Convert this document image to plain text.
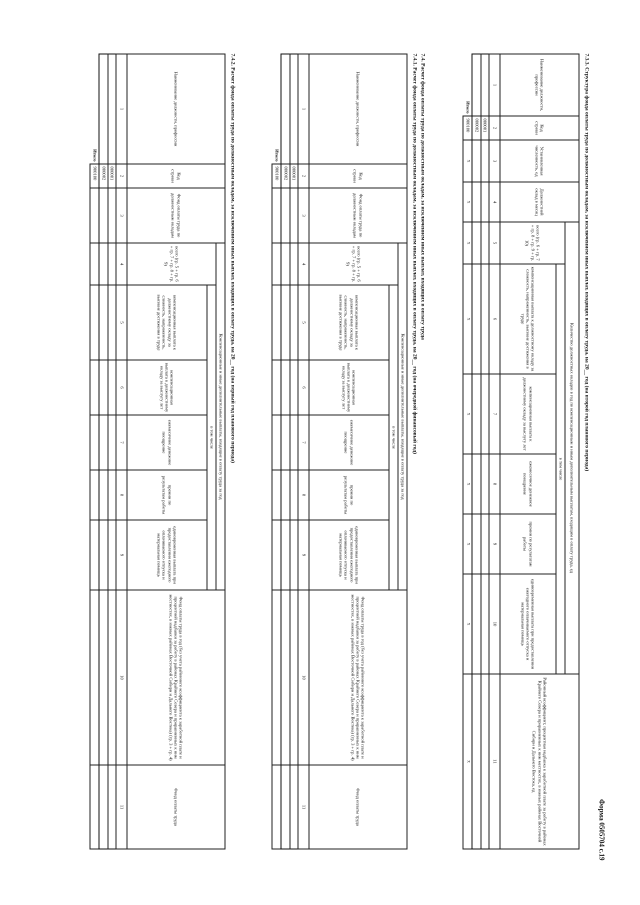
Форма 0505704 с.19
7.3.3. Структура фонда оплаты труда по должностным окладам, за исключением иных выплат, входящих в оплату труда, на 20__ год (на второй год планового периода)
Наименование должности, профессии	Код строки	Установленная численность, ед	Должностной оклад в месяц	Количество должностных окладов в год по компенсационным и иным дополнительным выплатам, входящим в оплату труда, ед						Районный коэффициент, процентная надбавка к заработной плате за работу в районах Крайнего Севера и приравненных к ним местностях, в южных районах Восточной Сибири и Дальнего Востока, ед
				всего (гр. 6 + гр. 7 + гр. 8 + гр. 9 + гр. 10)	в том числе					
					компенсационная выплата к должностному окладу за сложность, напряженность, высокие достижения в труде	компенсационная выплата к должностному окладу за выслугу лет	ежемесячное денежное поощрение	премии по результатам работы	единовременная выплата при предоставлении ежегодного оплачиваемого отпуска и материальная помощь	
1	2	3	4	5	6	7	8	9	10	11
	000001									
	000002									
Итого	900100	x	x	x	x	x	x	x	x	x
7.4. Расчет фонда оплаты труда по должностным окладам, за исключением иных выплат, входящих в оплату труда
7.4.1. Расчет фонда оплаты труда по должностным окладам, за исключением иных выплат, входящих в оплату труда, на 20__ год (на очередной финансовый год)
Наименование должности, профессии	Код строки	Фонд оплаты труда по должностным окладам	Компенсационные и иные дополнительные выплаты, входящие в оплату труда за год						Фонд оплаты труда в год (без учета районного коэффициента к заработной плате и процентной надбавки за работу в районах Крайнего Севера и приравненных к ним местностях, в южных районах Восточной Сибири и Дальнего Востока) (гр. 3 + гр. 4)	Фонд оплаты труда
			всего (гр. 5 + гр. 6 + гр. 7 + гр. 8 + гр. 9)	в том числе						
				компенсационная выплата к должностному окладу за сложность, напряженность, высокие достижения в труде	компенсационная выплата к должностному окладу за выслугу лет	ежемесячное денежное поощрение	премии по результатам работы	единовременная выплата при предоставлении ежегодного оплачиваемого отпуска и материальная помощь		
1	2	3	4	5	6	7	8	9	10	11
	000001									
	000002									
Итого	900100									
7.4.2. Расчет фонда оплаты труда по должностным окладам, за исключением иных выплат, входящих в оплату труда, на 20__ год (на первый год планового периода)
Наименование должности, профессии	Код строки	Фонд оплаты труда по должностным окладам	Компенсационные и иные дополнительные выплаты, входящие в оплату труда за год						Фонд оплаты труда в год (без учета районного коэффициента к заработной плате и процентной надбавки за работу в районах Крайнего Севера и приравненных к ним местностях, в южных районах Восточной Сибири и Дальнего Востока) (гр. 3 + гр. 4)	Фонд оплаты труда
			всего (гр. 5 + гр. 6 + гр. 7 + гр. 8 + гр. 9)	в том числе						
				компенсационная выплата к должностному окладу за сложность, напряженность, высокие достижения в труде	компенсационная выплата к должностному окладу за выслугу лет	ежемесячное денежное поощрение	премии по результатам работы	единовременная выплата при предоставлении ежегодного оплачиваемого отпуска и материальная помощь		
1	2	3	4	5	6	7	8	9	10	11
	000001									
	000002									
Итого	900100									
